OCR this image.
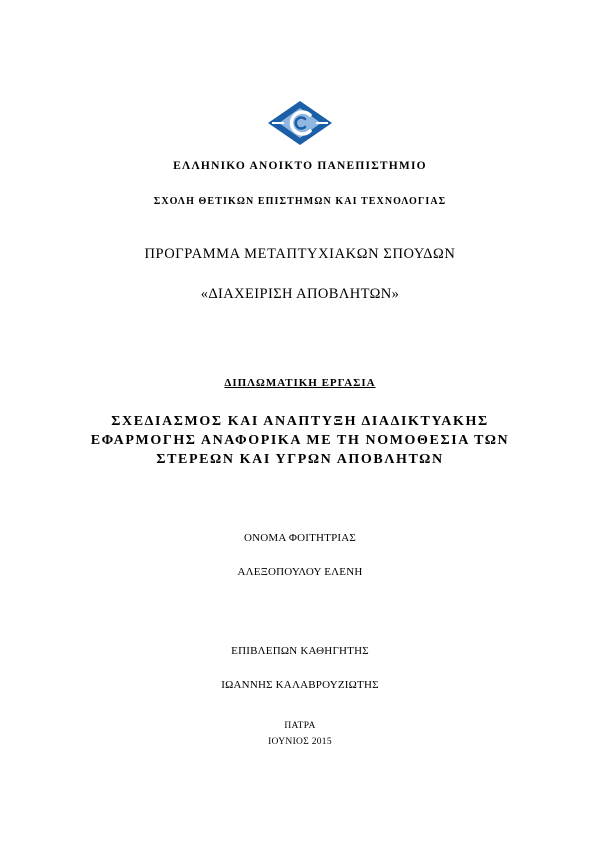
ΕΛΛΗΝΙΚΟ ΑΝΟΙΚΤΟ ΠΑΝΕΠΙΣΤΗΜΙΟ
ΣΧΟΛΗ ΘΕΤΙΚΩΝ ΕΠΙΣΤΗΜΩΝ ΚΑΙ ΤΕΧΝΟΛΟΓΙΑΣ
ΠΡΟΓΡΑΜΜΑ ΜΕΤΑΠΤΥΧΙΑΚΩΝ ΣΠΟΥΔΩΝ
«ΔΙΑΧΕΙΡΙΣΗ ΑΠΟΒΛΗΤΩΝ»
ΔΙΠΛΩΜΑΤΙΚΗ ΕΡΓΑΣΙΑ
ΣΧΕΔΙΑΣΜΟΣ ΚΑΙ ΑΝΑΠΤΥΞΗ ΔΙΑΔΙΚΤΥΑΚΗΣ
ΕΦΑΡΜΟΓΗΣ ΑΝΑΦΟΡΙΚΑ ΜΕ ΤΗ ΝΟΜΟΘΕΣΙΑ ΤΩΝ
ΣΤΕΡΕΩΝ ΚΑΙ ΥΓΡΩΝ ΑΠΟΒΛΗΤΩΝ
ΟΝΟΜΑ ΦΟΙΤΗΤΡΙΑΣ
ΑΛΕΞΟΠΟΥΛΟΥ ΕΛΕΝΗ
ΕΠΙΒΛΕΠΩΝ ΚΑΘΗΓΗΤΗΣ
ΙΩΑΝΝΗΣ ΚΑΛΑΒΡΟΥΖΙΩΤΗΣ
ΠΑΤΡΑ
ΙΟΥΝΙΟΣ 2015
